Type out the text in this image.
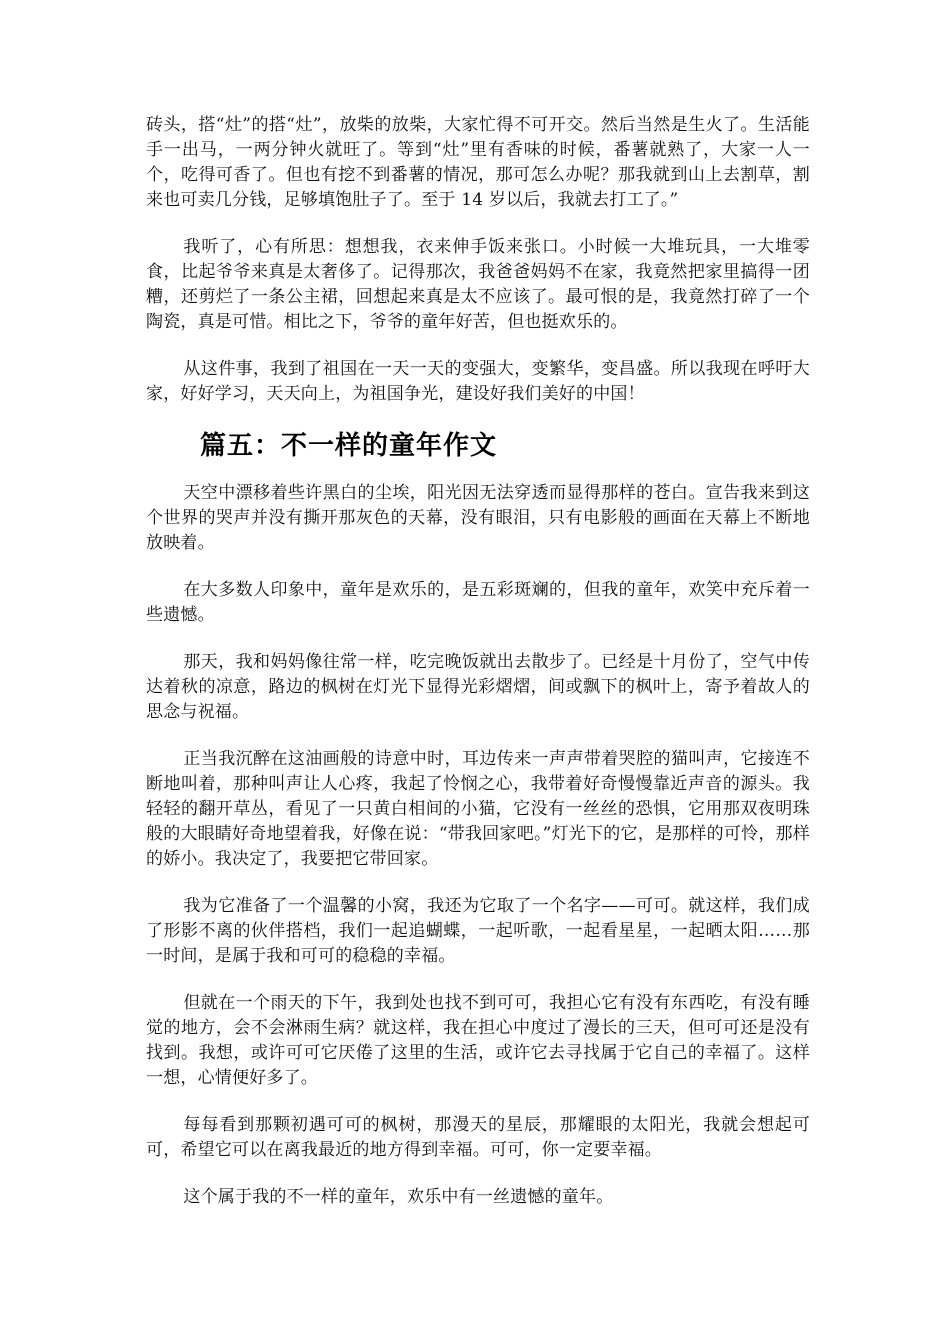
砖头，搭“灶”的搭“灶”，放柴的放柴，大家忙得不可开交。然后当然是生火了。生活能手一出马，一两分钟火就旺了。等到“灶”里有香味的时候，番薯就熟了，大家一人一个，吃得可香了。但也有挖不到番薯的情况，那可怎么办呢？那我就到山上去割草，割来也可卖几分钱，足够填饱肚子了。至于 14 岁以后，我就去打工了。”

我听了，心有所思：想想我，衣来伸手饭来张口。小时候一大堆玩具，一大堆零食，比起爷爷来真是太奢侈了。记得那次，我爸爸妈妈不在家，我竟然把家里搞得一团糟，还剪烂了一条公主裙，回想起来真是太不应该了。最可恨的是，我竟然打碎了一个陶瓷，真是可惜。相比之下，爷爷的童年好苦，但也挺欢乐的。

从这件事，我到了祖国在一天一天的变强大，变繁华，变昌盛。所以我现在呼吁大家，好好学习，天天向上，为祖国争光，建设好我们美好的中国！

篇五：不一样的童年作文

天空中漂移着些许黑白的尘埃，阳光因无法穿透而显得那样的苍白。宣告我来到这个世界的哭声并没有撕开那灰色的天幕，没有眼泪，只有电影般的画面在天幕上不断地放映着。

在大多数人印象中，童年是欢乐的，是五彩斑斓的，但我的童年，欢笑中充斥着一些遗憾。

那天，我和妈妈像往常一样，吃完晚饭就出去散步了。已经是十月份了，空气中传达着秋的凉意，路边的枫树在灯光下显得光彩熠熠，间或飘下的枫叶上，寄予着故人的思念与祝福。

正当我沉醉在这油画般的诗意中时，耳边传来一声声带着哭腔的猫叫声，它接连不断地叫着，那种叫声让人心疼，我起了怜悯之心，我带着好奇慢慢靠近声音的源头。我轻轻的翻开草丛，看见了一只黄白相间的小猫，它没有一丝丝的恐惧，它用那双夜明珠般的大眼睛好奇地望着我，好像在说：“带我回家吧。”灯光下的它，是那样的可怜，那样的娇小。我决定了，我要把它带回家。

我为它准备了一个温馨的小窝，我还为它取了一个名字——可可。就这样，我们成了形影不离的伙伴搭档，我们一起追蝴蝶，一起听歌，一起看星星，一起晒太阳……那一时间，是属于我和可可的稳稳的幸福。

但就在一个雨天的下午，我到处也找不到可可，我担心它有没有东西吃，有没有睡觉的地方，会不会淋雨生病？就这样，我在担心中度过了漫长的三天，但可可还是没有找到。我想，或许可可它厌倦了这里的生活，或许它去寻找属于它自己的幸福了。这样一想，心情便好多了。

每每看到那颗初遇可可的枫树，那漫天的星辰，那耀眼的太阳光，我就会想起可可，希望它可以在离我最近的地方得到幸福。可可，你一定要幸福。

这个属于我的不一样的童年，欢乐中有一丝遗憾的童年。
